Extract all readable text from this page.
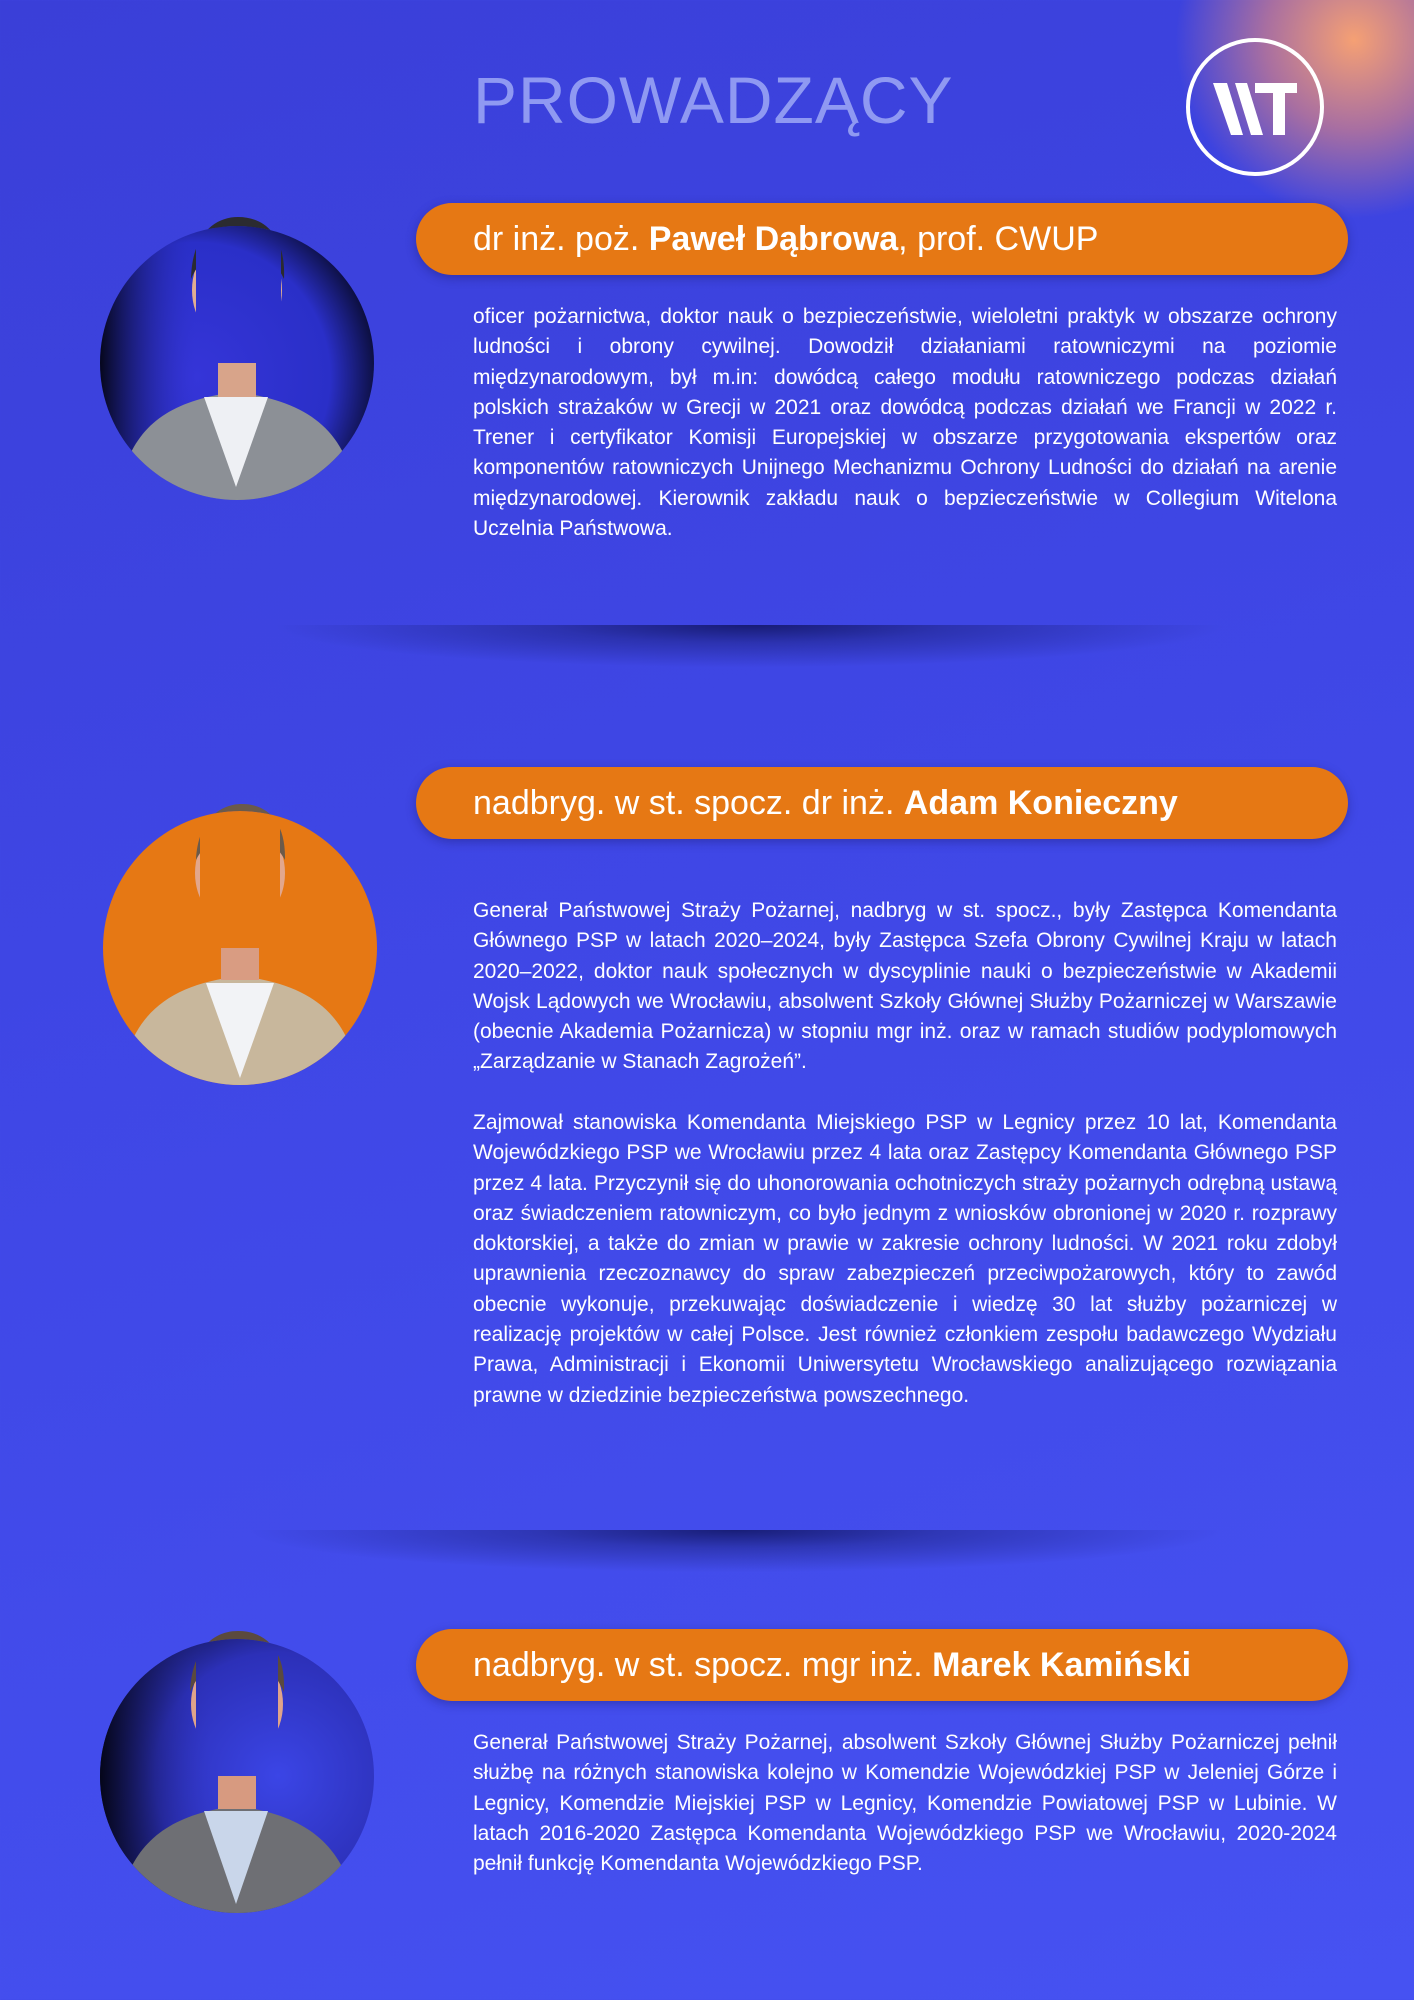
PROWADZĄCY
dr inż. poż. Paweł Dąbrowa , prof. CWUP

oficer pożarnictwa, doktor nauk o bezpieczeństwie, wieloletni praktyk w obszarze ochrony ludności i obrony cywilnej. Dowodził działaniami ratowniczymi na poziomie międzynarodowym, był m.in: dowódcą całego modułu ratowniczego podczas działań polskich strażaków w Grecji w 2021 oraz dowódcą podczas działań we Francji w 2022 r. Trener i certyfikator Komisji Europejskiej w obszarze przygotowania ekspertów oraz komponentów ratowniczych Unijnego Mechanizmu Ochrony Ludności do działań na arenie międzynarodowej. Kierownik zakładu nauk o bepzieczeństwie w Collegium Witelona Uczelnia Państwowa.

nadbryg. w st. spocz. dr inż. Adam Konieczny

Generał Państwowej Straży Pożarnej, nadbryg w st. spocz., były Zastępca Komendanta Głównego PSP w latach 2020–2024, były Zastępca Szefa Obrony Cywilnej Kraju w latach 2020–2022, doktor nauk społecznych w dyscyplinie nauki o bezpieczeństwie w Akademii Wojsk Lądowych we Wrocławiu, absolwent Szkoły Głównej Służby Pożarniczej w Warszawie (obecnie Akademia Pożarnicza) w stopniu mgr inż. oraz w ramach studiów podyplomowych „Zarządzanie w Stanach Zagrożeń”.

Zajmował stanowiska Komendanta Miejskiego PSP w Legnicy przez 10 lat, Komendanta Wojewódzkiego PSP we Wrocławiu przez 4 lata oraz Zastępcy Komendanta Głównego PSP przez 4 lata. Przyczynił się do uhonorowania ochotniczych straży pożarnych odrębną ustawą oraz świadczeniem ratowniczym, co było jednym z wniosków obronionej w 2020 r. rozprawy doktorskiej, a także do zmian w prawie w zakresie ochrony ludności. W 2021 roku zdobył uprawnienia rzeczoznawcy do spraw zabezpieczeń przeciwpożarowych, który to zawód obecnie wykonuje, przekuwając doświadczenie i wiedzę 30 lat służby pożarniczej w realizację projektów w całej Polsce. Jest również członkiem zespołu badawczego Wydziału Prawa, Administracji i Ekonomii Uniwersytetu Wrocławskiego analizującego rozwiązania prawne w dziedzinie bezpieczeństwa powszechnego.

nadbryg. w st. spocz. mgr inż. Marek Kamiński

Generał Państwowej Straży Pożarnej, absolwent Szkoły Głównej Służby Pożarniczej pełnił służbę na różnych stanowiska kolejno w Komendzie Wojewódzkiej PSP w Jeleniej Górze i Legnicy, Komendzie Miejskiej PSP w Legnicy, Komendzie Powiatowej PSP w Lubinie. W latach 2016-2020 Zastępca Komendanta Wojewódzkiego PSP we Wrocławiu, 2020-2024 pełnił funkcję Komendanta Wojewódzkiego PSP.
